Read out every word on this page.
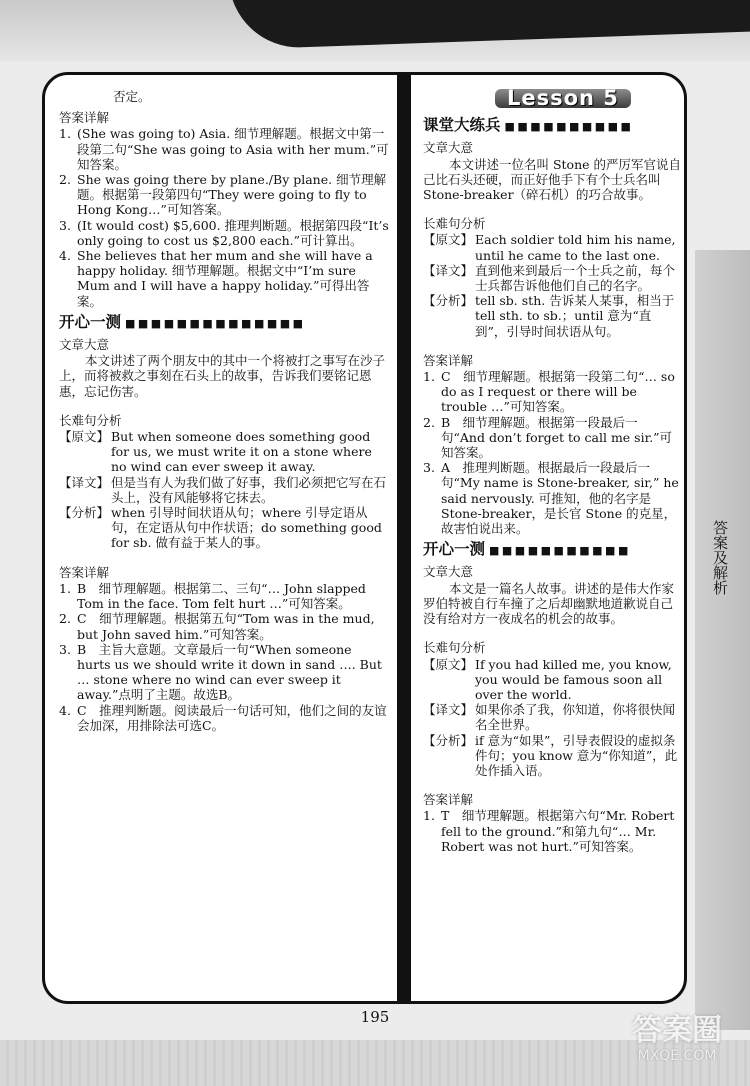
否定。

答案详解
1. (She was going to) Asia. 细节理解题。根据文中第一段第二句“She was going to Asia with her mum.”可知答案。
2. She was going there by plane./By plane. 细节理解题。根据第一段第四句“They were going to fly to Hong Kong…”可知答案。
3. (It would cost) $5,600. 推理判断题。根据第四段“It’s only going to cost us $2,800 each.”可计算出。
4. She believes that her mum and she will have a happy holiday. 细节理解题。根据文中“I’m sure Mum and I will have a happy holiday.”可得出答案。
开心一测 ■■■■■■■■■■■■■■
文章大意

本文讲述了两个朋友中的其中一个将被打之事写在沙子上，而将被救之事刻在石头上的故事，告诉我们要铭记恩惠，忘记伤害。

长难句分析
【原文】 But when someone does something good for us, we must write it on a stone where no wind can ever sweep it away.
【译文】 但是当有人为我们做了好事，我们必须把它写在石头上，没有风能够将它抹去。
【分析】 when 引导时间状语从句；where 引导定语从句，在定语从句中作状语；do something good for sb. 做有益于某人的事。
答案详解
1. B　细节理解题。根据第二、三句“… John slapped Tom in the face. Tom felt hurt …”可知答案。
2. C　细节理解题。根据第五句“Tom was in the mud, but John saved him.”可知答案。
3. B　主旨大意题。文章最后一句“When someone hurts us we should write it down in sand …. But … stone where no wind can ever sweep it away.”点明了主题。故选B。
4. C　推理判断题。阅读最后一句话可知，他们之间的友谊会加深，用排除法可选C。
Lesson 5
课堂大练兵 ■■■■■■■■■■
文章大意

本文讲述一位名叫 Stone 的严厉军官说自己比石头还硬，而正好他手下有个士兵名叫 Stone-breaker（碎石机）的巧合故事。

长难句分析
【原文】 Each soldier told him his name, until he came to the last one.
【译文】 直到他来到最后一个士兵之前，每个士兵都告诉他他们自己的名字。
【分析】 tell sb. sth. 告诉某人某事，相当于 tell sth. to sb.；until 意为“直到”，引导时间状语从句。
答案详解
1. C　细节理解题。根据第一段第二句“… so do as I request or there will be trouble …”可知答案。
2. B　细节理解题。根据第一段最后一句“And don’t forget to call me sir.”可知答案。
3. A　推理判断题。根据最后一段最后一句“My name is Stone-breaker, sir,” he said nervously. 可推知，他的名字是 Stone-breaker，是长官 Stone 的克星，故害怕说出来。
开心一测 ■■■■■■■■■■■
文章大意

本文是一篇名人故事。讲述的是伟大作家罗伯特被自行车撞了之后却幽默地道歉说自己没有给对方一夜成名的机会的故事。

长难句分析
【原文】 If you had killed me, you know, you would be famous soon all over the world.
【译文】 如果你杀了我，你知道，你将很快闻名全世界。
【分析】 if 意为“如果”，引导表假设的虚拟条件句；you know 意为“你知道”，此处作插入语。
答案详解
1. T　细节理解题。根据第六句“Mr. Robert fell to the ground.”和第九句“… Mr. Robert was not hurt.”可知答案。
答案及解析
195	答案圈
MXQE.COM
